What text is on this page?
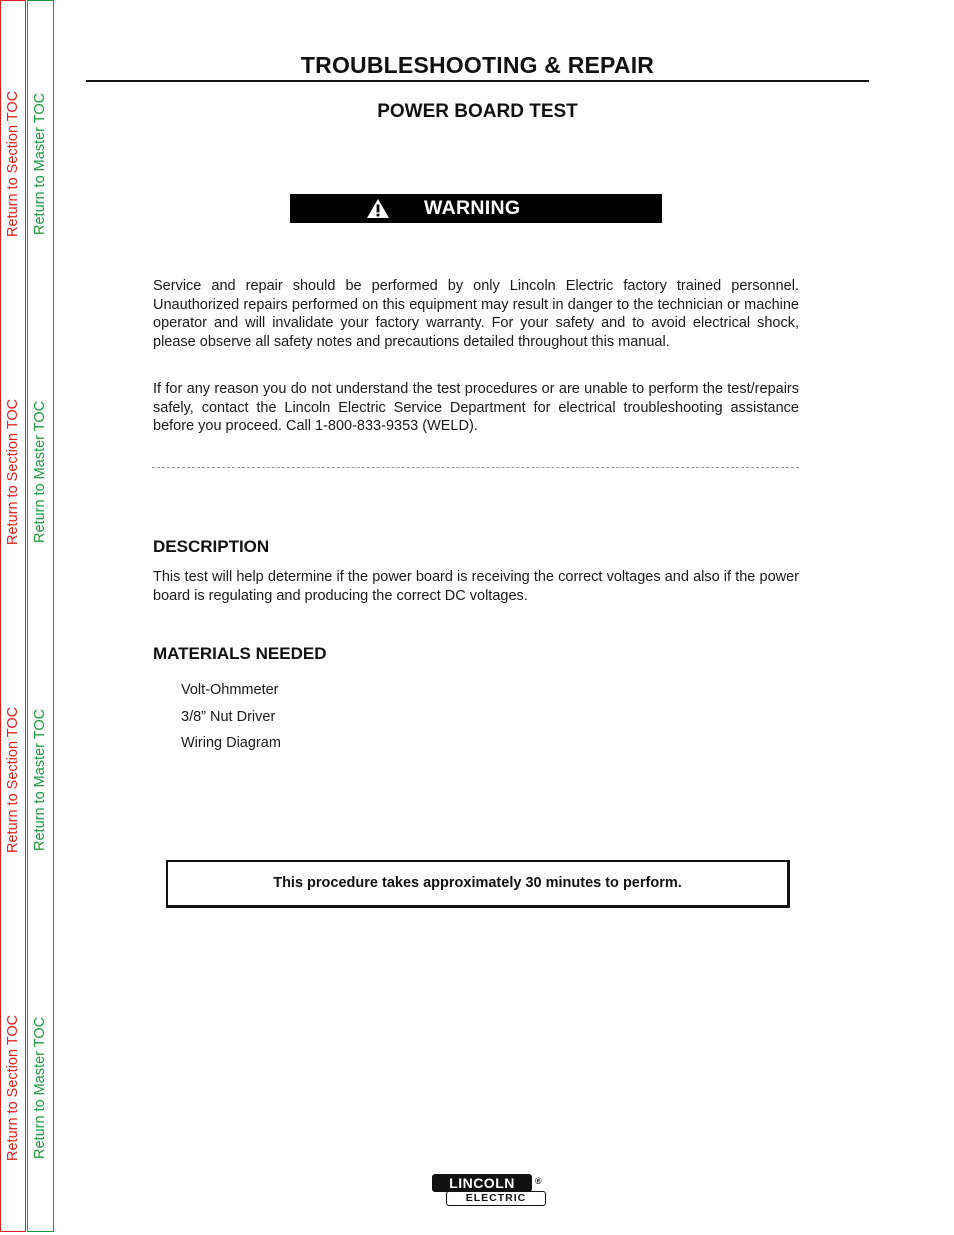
Return to Section TOC
Return to Section TOC
Return to Section TOC
Return to Section TOC
Return to Master TOC
Return to Master TOC
Return to Master TOC
Return to Master TOC
TROUBLESHOOTING & REPAIR
POWER BOARD TEST
WARNING
Service and repair should be performed by only Lincoln Electric factory trained personnel. Unauthorized repairs performed on this equipment may result in danger to the technician or machine operator and will invalidate your factory warranty. For your safety and to avoid electrical shock, please observe all safety notes and precautions detailed throughout this manual.
If for any reason you do not understand the test procedures or are unable to perform the test/repairs safely, contact the Lincoln Electric Service Department for electrical troubleshooting assistance before you proceed. Call 1-800-833-9353 (WELD).
DESCRIPTION
This test will help determine if the power board is receiving the correct voltages and also if the power board is regulating and producing the correct DC voltages.
MATERIALS NEEDED
Volt-Ohmmeter
3/8” Nut Driver
Wiring Diagram
This procedure takes approximately 30 minutes to perform.
LINCOLN
ELECTRIC
®
